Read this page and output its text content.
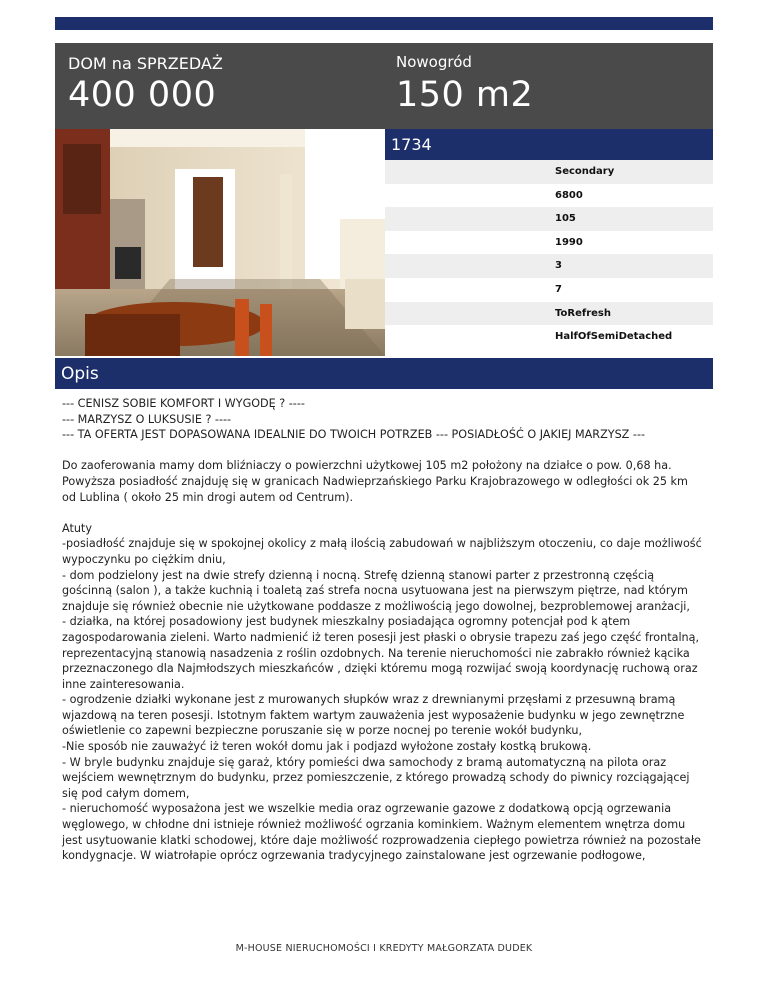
DOM na SPRZEDAŻ
400 000
Nowogród
150 m2
1734
Secondary
6800
105
1990
3
7
ToRefresh
HalfOfSemiDetached
Opis

--- CENISZ SOBIE KOMFORT I WYGODĘ ? ----
--- MARZYSZ O LUKSUSIE ? ----
--- TA OFERTA JEST DOPASOWANA IDEALNIE DO TWOICH POTRZEB --- POSIADŁOŚĆ O JAKIEJ MARZYSZ ---

Do zaoferowania mamy dom bliźniaczy o powierzchni użytkowej 105 m2 położony na działce o pow. 0,68 ha. Powyższa posiadłość znajduję się w granicach Nadwieprzańskiego Parku Krajobrazowego w odległości ok 25 km od Lublina ( około 25 min drogi autem od Centrum).

Atuty
-posiadłość znajduje się w spokojnej okolicy z małą ilością zabudowań w najbliższym otoczeniu, co daje możliwość wypoczynku po ciężkim dniu,
- dom podzielony jest na dwie strefy dzienną i nocną. Strefę dzienną stanowi parter z przestronną częścią gościnną (salon ), a także kuchnią i toaletą zaś strefa nocna usytuowana jest na pierwszym piętrze, nad którym znajduje się również obecnie nie użytkowane poddasze z możliwością jego dowolnej, bezproblemowej aranżacji,
- działka, na której posadowiony jest budynek mieszkalny posiadająca ogromny potencjał pod k ątem zagospodarowania zieleni. Warto nadmienić iż teren posesji jest płaski o obrysie trapezu zaś jego część frontalną, reprezentacyjną stanowią nasadzenia z roślin ozdobnych. Na terenie nieruchomości nie zabrakło również kącika przeznaczonego dla Najmłodszych mieszkańców , dzięki któremu mogą rozwijać swoją koordynację ruchową oraz inne zainteresowania.
- ogrodzenie działki wykonane jest z murowanych słupków wraz z drewnianymi przęsłami z przesuwną bramą wjazdową na teren posesji. Istotnym faktem wartym zauważenia jest wyposażenie budynku w jego zewnętrzne oświetlenie co zapewni bezpieczne poruszanie się w porze nocnej po terenie wokół budynku,
-Nie sposób nie zauważyć iż teren wokół domu jak i podjazd wyłożone zostały kostką brukową.
- W bryle budynku znajduje się garaż, który pomieści dwa samochody z bramą automatyczną na pilota oraz wejściem wewnętrznym do budynku, przez pomieszczenie, z którego prowadzą schody do piwnicy rozciągającej się pod całym domem,
- nieruchomość wyposażona jest we wszelkie media oraz ogrzewanie gazowe z dodatkową opcją ogrzewania węglowego, w chłodne dni istnieje również możliwość ogrzania kominkiem. Ważnym elementem wnętrza domu jest usytuowanie klatki schodowej, które daje możliwość rozprowadzenia ciepłego powietrza również na pozostałe kondygnacje. W wiatrołapie oprócz ogrzewania tradycyjnego zainstalowane jest ogrzewanie podłogowe,
M-HOUSE NIERUCHOMOŚCI I KREDYTY MAŁGORZATA DUDEK
